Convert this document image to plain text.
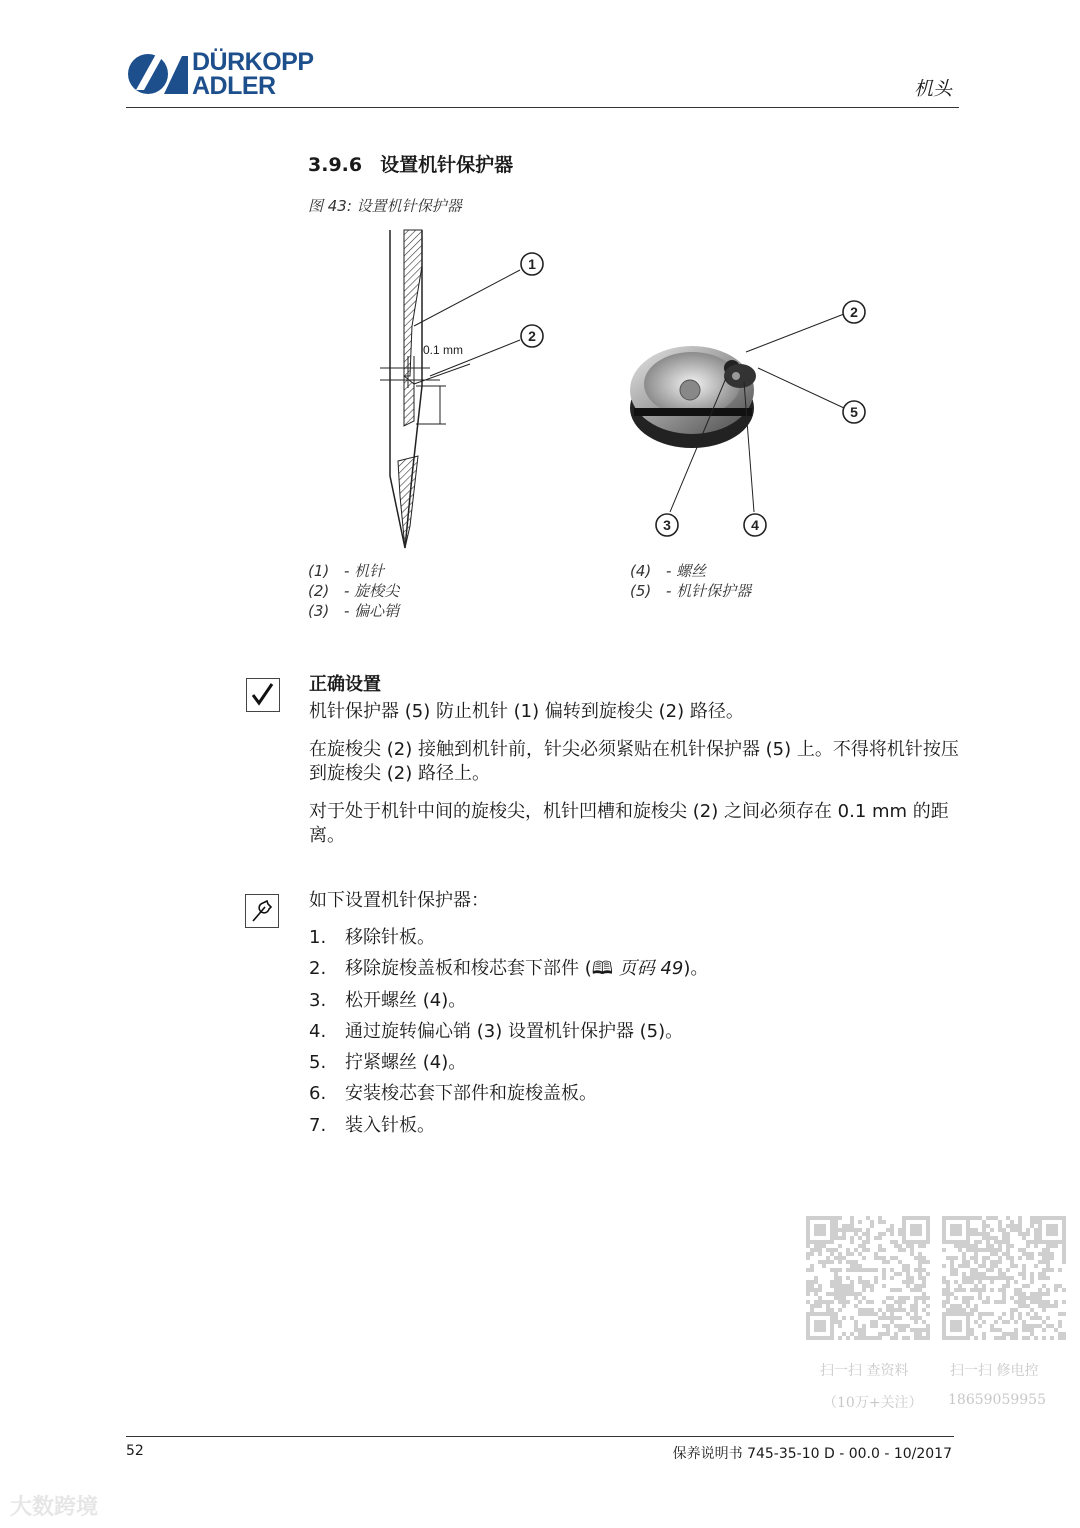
DÜRKOPP
ADLER	机头
3.9.6 设置机针保护器
图 43: 设置机针保护器
0.1 mm
1
2
2
5
3	4
(1) - 机针
(2) - 旋梭尖
(3) - 偏心销
(4) - 螺丝
(5) - 机针保护器
正确设置
机针保护器 (5) 防止机针 (1) 偏转到旋梭尖 (2) 路径。
在旋梭尖 (2) 接触到机针前，针尖必须紧贴在机针保护器 (5) 上。不得将机针按压到旋梭尖 (2) 路径上。
对于处于机针中间的旋梭尖，机针凹槽和旋梭尖 (2) 之间必须存在 0.1 mm 的距离。
如下设置机针保护器：
1. 移除针板。
2. 移除旋梭盖板和梭芯套下部件 (🕮 页码 49)。
3. 松开螺丝 (4)。
4. 通过旋转偏心销 (3) 设置机针保护器 (5)。
5. 拧紧螺丝 (4)。
6. 安装梭芯套下部件和旋梭盖板。
7. 装入针板。
扫一扫 查资料
（10万+关注）
扫一扫 修电控
18659059955
52	保养说明书 745-35-10 D - 00.0 - 10/2017
大数跨境
